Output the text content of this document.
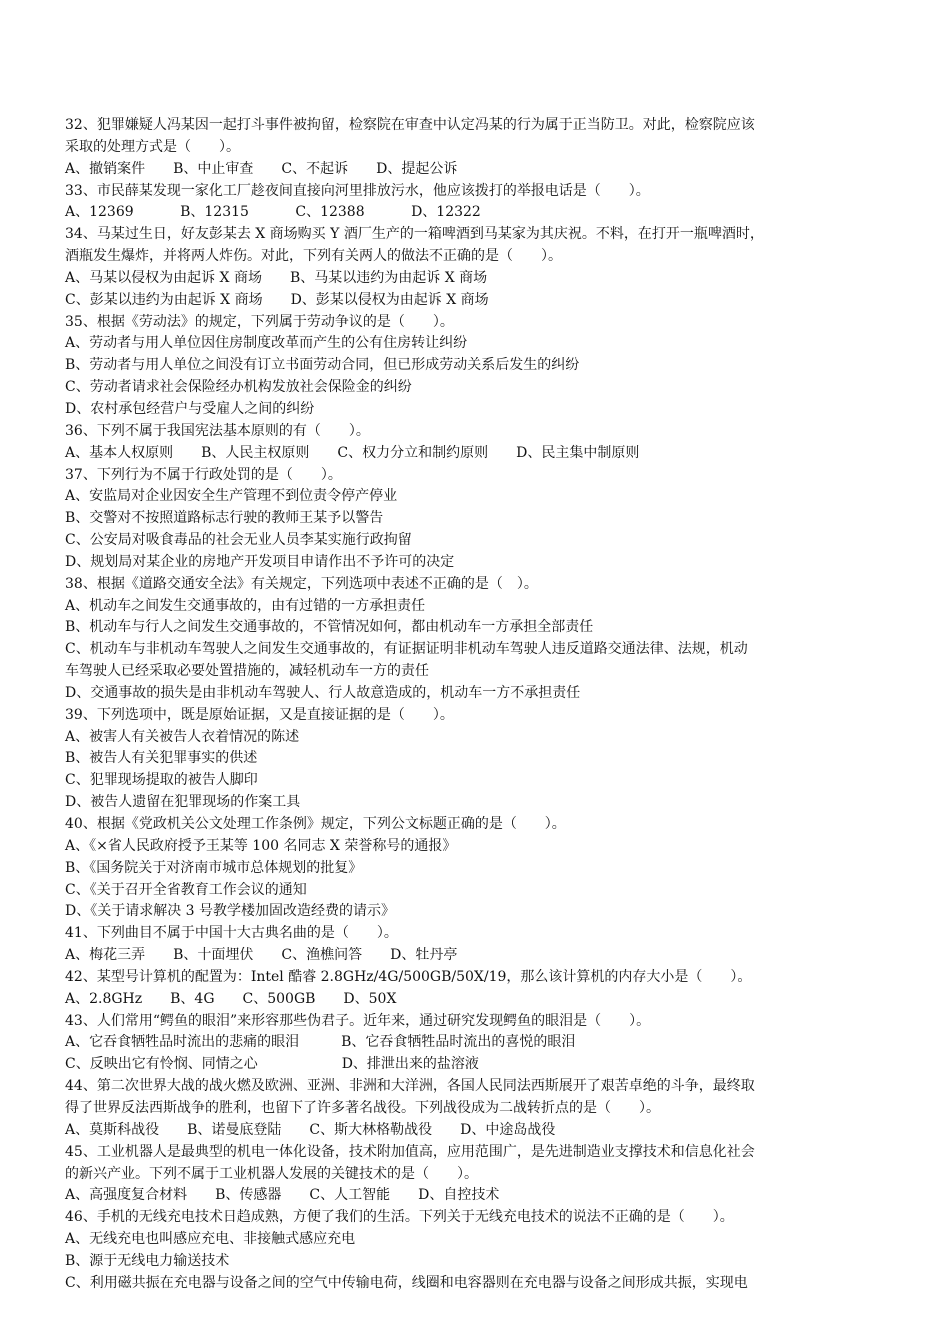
32、犯罪嫌疑人冯某因一起打斗事件被拘留，检察院在审查中认定冯某的行为属于正当防卫。对此，检察院应该
采取的处理方式是（　　）。
A、撤销案件　　B、中止审查　　C、不起诉　　D、提起公诉
33、市民薛某发现一家化工厂趁夜间直接向河里排放污水，他应该拨打的举报电话是（　　）。
A、12369　　　 B、12315　　　 C、12388　　　 D、12322
34、马某过生日，好友彭某去 X 商场购买 Y 酒厂生产的一箱啤酒到马某家为其庆祝。不料，在打开一瓶啤酒时，
酒瓶发生爆炸，并将两人炸伤。对此，下列有关两人的做法不正确的是（　　）。
A、马某以侵权为由起诉 X 商场　　B、马某以违约为由起诉 X 商场
C、彭某以违约为由起诉 X 商场　　D、彭某以侵权为由起诉 X 商场
35、根据《劳动法》的规定，下列属于劳动争议的是（　　）。
A、劳动者与用人单位因住房制度改革而产生的公有住房转让纠纷
B、劳动者与用人单位之间没有订立书面劳动合同，但已形成劳动关系后发生的纠纷
C、劳动者请求社会保险经办机构发放社会保险金的纠纷
D、农村承包经营户与受雇人之间的纠纷
36、下列不属于我国宪法基本原则的有（　　）。
A、基本人权原则　　B、人民主权原则　　C、权力分立和制约原则　　D、民主集中制原则
37、下列行为不属于行政处罚的是（　　）。
A、安监局对企业因安全生产管理不到位责令停产停业
B、交警对不按照道路标志行驶的教师王某予以警告
C、公安局对吸食毒品的社会无业人员李某实施行政拘留
D、规划局对某企业的房地产开发项目申请作出不予许可的决定
38、根据《道路交通安全法》有关规定，下列选项中表述不正确的是（　）。
A、机动车之间发生交通事故的，由有过错的一方承担责任
B、机动车与行人之间发生交通事故的，不管情况如何，都由机动车一方承担全部责任
C、机动车与非机动车驾驶人之间发生交通事故的，有证据证明非机动车驾驶人违反道路交通法律、法规，机动
车驾驶人已经采取必要处置措施的，减轻机动车一方的责任
D、交通事故的损失是由非机动车驾驶人、行人故意造成的，机动车一方不承担责任
39、下列选项中，既是原始证据，又是直接证据的是（　　）。
A、被害人有关被告人衣着情况的陈述
B、被告人有关犯罪事实的供述
C、犯罪现场提取的被告人脚印
D、被告人遗留在犯罪现场的作案工具
40、根据《党政机关公文处理工作条例》规定，下列公文标题正确的是（　　）。
A、《×省人民政府授予王某等 100 名同志 X 荣誉称号的通报》
B、《国务院关于对济南市城市总体规划的批复》
C、《关于召开全省教育工作会议的通知
D、《关于请求解决 3 号教学楼加固改造经费的请示》
41、下列曲目不属于中国十大古典名曲的是（　　）。
A、梅花三弄　　B、十面埋伏　　C、渔樵问答　　D、牡丹亭
42、某型号计算机的配置为：Intel 酷睿 2.8GHz/4G/500GB/50X/19，那么该计算机的内存大小是（　　）。
A、2.8GHz　　B、4G　　C、500GB　　D、50X
43、人们常用“鳄鱼的眼泪”来形容那些伪君子。近年来，通过研究发现鳄鱼的眼泪是（　　）。
A、它吞食牺牲品时流出的悲痛的眼泪　　　B、它吞食牺牲品时流出的喜悦的眼泪
C、反映出它有怜悯、同情之心　　　　　　D、排泄出来的盐溶液
44、第二次世界大战的战火燃及欧洲、亚洲、非洲和大洋洲，各国人民同法西斯展开了艰苦卓绝的斗争，最终取
得了世界反法西斯战争的胜利，也留下了许多著名战役。下列战役成为二战转折点的是（　　）。
A、莫斯科战役　　B、诺曼底登陆　　C、斯大林格勒战役　　D、中途岛战役
45、工业机器人是最典型的机电一体化设备，技术附加值高，应用范围广，是先进制造业支撑技术和信息化社会
的新兴产业。下列不属于工业机器人发展的关键技术的是（　　）。
A、高强度复合材料　　B、传感器　　C、人工智能　　D、自控技术
46、手机的无线充电技术日趋成熟，方便了我们的生活。下列关于无线充电技术的说法不正确的是（　　）。
A、无线充电也叫感应充电、非接触式感应充电
B、源于无线电力输送技术
C、利用磁共振在充电器与设备之间的空气中传输电荷，线圈和电容器则在充电器与设备之间形成共振，实现电
